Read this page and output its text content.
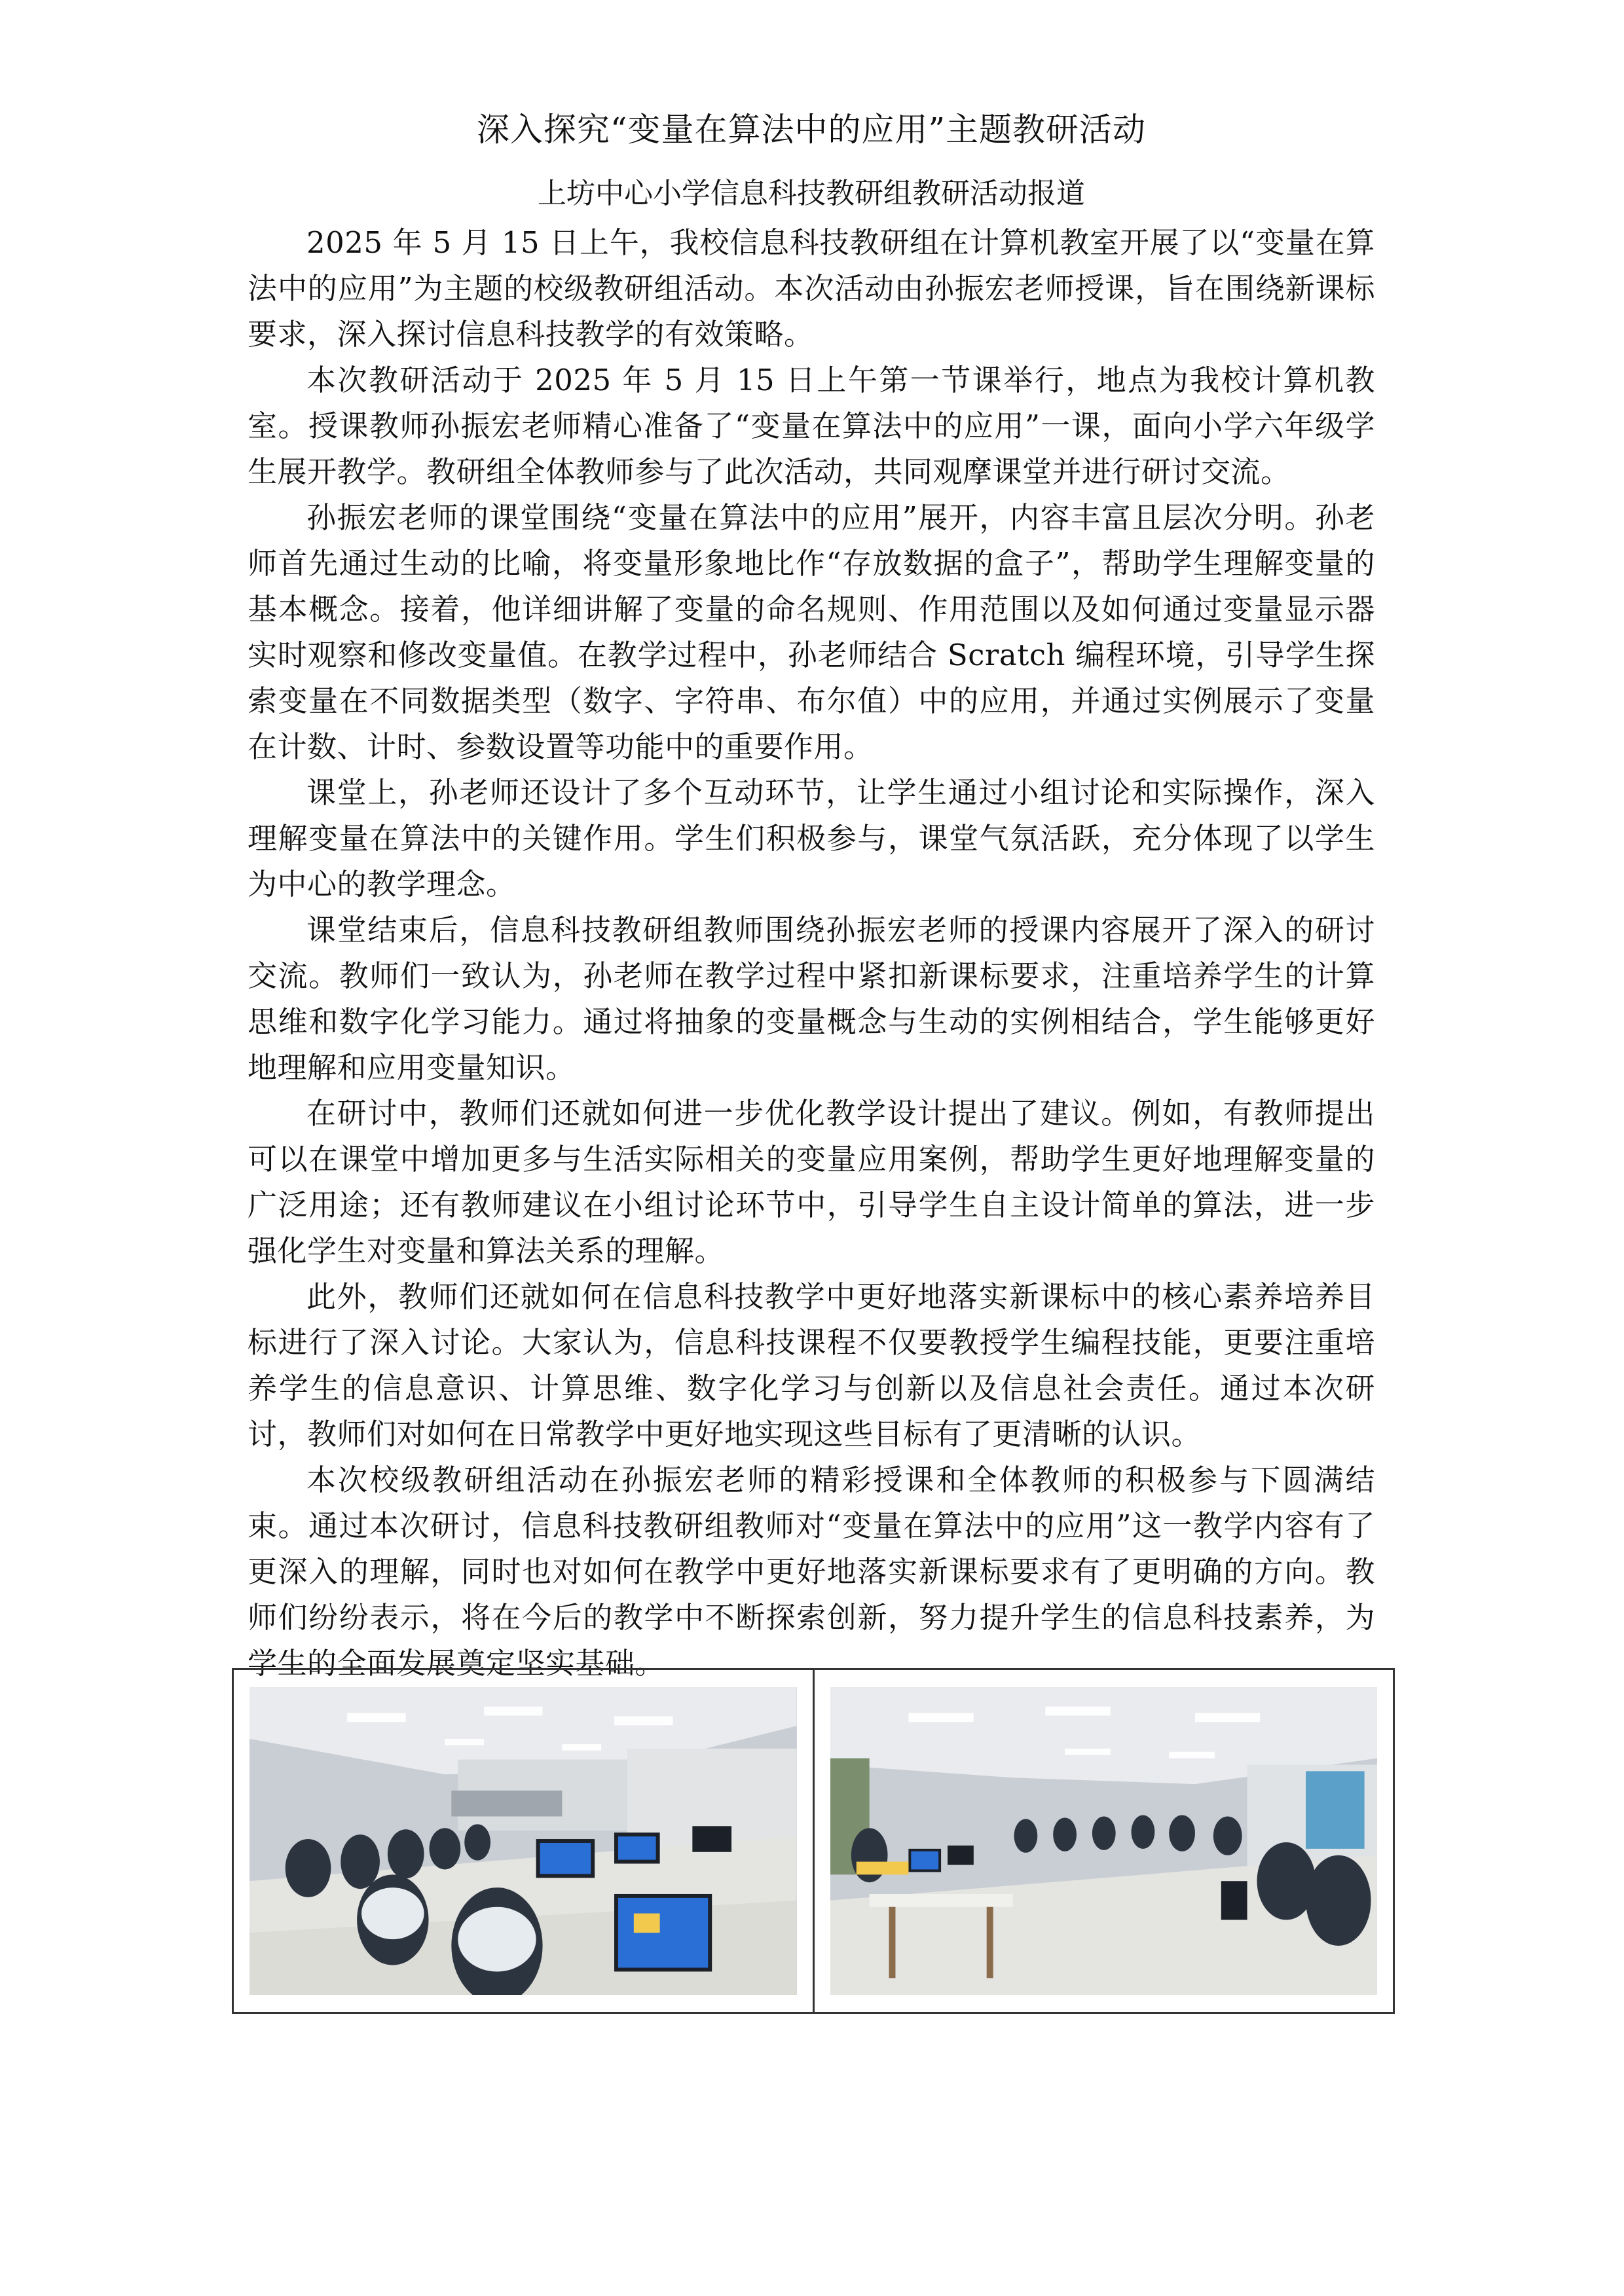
深入探究“变量在算法中的应用”主题教研活动
上坊中心小学信息科技教研组教研活动报道

2025 年 5 月 15 日上午，我校信息科技教研组在计算机教室开展了以“变量在算法中的应用”为主题的校级教研组活动。本次活动由孙振宏老师授课，旨在围绕新课标要求，深入探讨信息科技教学的有效策略。

本次教研活动于 2025 年 5 月 15 日上午第一节课举行，地点为我校计算机教室。授课教师孙振宏老师精心准备了“变量在算法中的应用”一课，面向小学六年级学生展开教学。教研组全体教师参与了此次活动，共同观摩课堂并进行研讨交流。

孙振宏老师的课堂围绕“变量在算法中的应用”展开，内容丰富且层次分明。孙老师首先通过生动的比喻，将变量形象地比作“存放数据的盒子”，帮助学生理解变量的基本概念。接着，他详细讲解了变量的命名规则、作用范围以及如何通过变量显示器实时观察和修改变量值。在教学过程中，孙老师结合 Scratch 编程环境，引导学生探索变量在不同数据类型（数字、字符串、布尔值）中的应用，并通过实例展示了变量在计数、计时、参数设置等功能中的重要作用。

课堂上，孙老师还设计了多个互动环节，让学生通过小组讨论和实际操作，深入理解变量在算法中的关键作用。学生们积极参与，课堂气氛活跃，充分体现了以学生为中心的教学理念。

课堂结束后，信息科技教研组教师围绕孙振宏老师的授课内容展开了深入的研讨交流。教师们一致认为，孙老师在教学过程中紧扣新课标要求，注重培养学生的计算思维和数字化学习能力。通过将抽象的变量概念与生动的实例相结合，学生能够更好地理解和应用变量知识。

在研讨中，教师们还就如何进一步优化教学设计提出了建议。例如，有教师提出可以在课堂中增加更多与生活实际相关的变量应用案例，帮助学生更好地理解变量的广泛用途；还有教师建议在小组讨论环节中，引导学生自主设计简单的算法，进一步强化学生对变量和算法关系的理解。

此外，教师们还就如何在信息科技教学中更好地落实新课标中的核心素养培养目标进行了深入讨论。大家认为，信息科技课程不仅要教授学生编程技能，更要注重培养学生的信息意识、计算思维、数字化学习与创新以及信息社会责任。通过本次研讨，教师们对如何在日常教学中更好地实现这些目标有了更清晰的认识。

本次校级教研组活动在孙振宏老师的精彩授课和全体教师的积极参与下圆满结束。通过本次研讨，信息科技教研组教师对“变量在算法中的应用”这一教学内容有了更深入的理解，同时也对如何在教学中更好地落实新课标要求有了更明确的方向。教师们纷纷表示，将在今后的教学中不断探索创新，努力提升学生的信息科技素养，为学生的全面发展奠定坚实基础。
